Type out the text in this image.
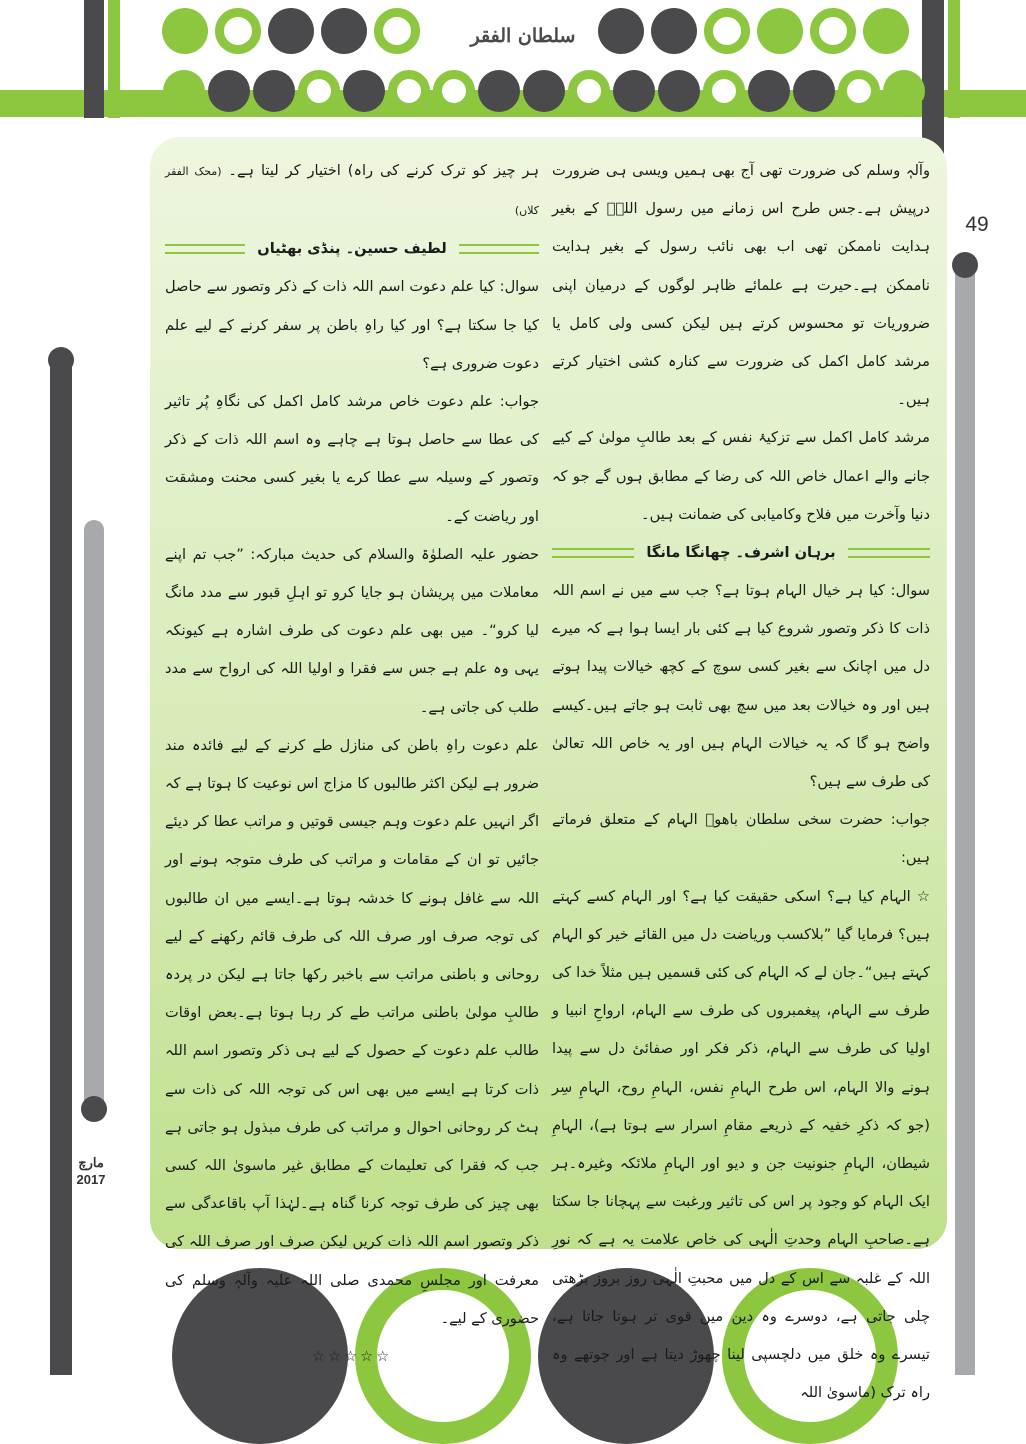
سلطان الفقر
49
مارچ
2017

وآلہٖ وسلم کی ضرورت تھی آج بھی ہمیں ویسی ہی ضرورت درپیش ہے۔جس طرح اس زمانے میں رسول اللہؐ کے بغیر ہدایت ناممکن تھی اب بھی نائب رسول کے بغیر ہدایت ناممکن ہے۔حیرت ہے علمائے ظاہر لوگوں کے درمیان اپنی ضروریات تو محسوس کرتے ہیں لیکن کسی ولی کامل یا مرشد کامل اکمل کی ضرورت سے کنارہ کشی اختیار کرتے ہیں۔

مرشد کامل اکمل سے تزکیۂ نفس کے بعد طالبِ مولیٰ کے کیے جانے والے اعمال خاص اللہ کی رضا کے مطابق ہوں گے جو کہ دنیا وآخرت میں فلاح وکامیابی کی ضمانت ہیں۔

برہان اشرف۔ چھانگا مانگا

سوال: کیا ہر خیال الہام ہوتا ہے؟ جب سے میں نے اسم اللہ ذات کا ذکر وتصور شروع کیا ہے کئی بار ایسا ہوا ہے کہ میرے دل میں اچانک سے بغیر کسی سوچ کے کچھ خیالات پیدا ہوتے ہیں اور وہ خیالات بعد میں سچ بھی ثابت ہو جاتے ہیں۔کیسے واضح ہو گا کہ یہ خیالات الہام ہیں اور یہ خاص اللہ تعالیٰ کی طرف سے ہیں؟

جواب: حضرت سخی سلطان باھوؒ الہام کے متعلق فرماتے ہیں:

☆ الہام کیا ہے؟ اسکی حقیقت کیا ہے؟ اور الہام کسے کہتے ہیں؟ فرمایا گیا ”بلاکسب وریاضت دل میں القائے خیر کو الہام کہتے ہیں“۔جان لے کہ الہام کی کئی قسمیں ہیں مثلاً خدا کی طرف سے الہام، پیغمبروں کی طرف سے الہام، ارواحِ انبیا و اولیا کی طرف سے الہام، ذکر فکر اور صفائیٔ دل سے پیدا ہونے والا الہام، اس طرح الہامِ نفس، الہامِ روح، الہامِ سِر (جو کہ ذکرِ خفیہ کے ذریعے مقامِ اسرار سے ہوتا ہے)، الہامِ شیطان، الہامِ جنونیت جن و دیو اور الہامِ ملائکہ وغیرہ۔ہر ایک الہام کو وجود پر اس کی تاثیر ورغبت سے پہچانا جا سکتا ہے۔صاحبِ الہام وحدتِ الٰہی کی خاص علامت یہ ہے کہ نورِ اللہ کے غلبہ سے اس کے دل میں محبتِ الٰہی روز بروز بڑھتی چلی جاتی ہے، دوسرے وہ دین میں قوی تر ہوتا جاتا ہے، تیسرے وہ خلق میں دلچسپی لینا چھوڑ دیتا ہے اور چوتھے وہ راہ ترک (ماسویٰ اللہ

ہر چیز کو ترک کرنے کی راہ) اختیار کر لیتا ہے۔ (محک الفقر کلاں)

لطیف حسین۔ پنڈی بھٹیاں

سوال: کیا علم دعوت اسم اللہ ذات کے ذکر وتصور سے حاصل کیا جا سکتا ہے؟ اور کیا راہِ باطن پر سفر کرنے کے لیے علم دعوت ضروری ہے؟

جواب: علم دعوت خاص مرشد کامل اکمل کی نگاہِ پُر تاثیر کی عطا سے حاصل ہوتا ہے چاہے وہ اسم اللہ ذات کے ذکر وتصور کے وسیلہ سے عطا کرے یا بغیر کسی محنت ومشقت اور ریاضت کے۔

حضور علیہ الصلوٰۃ والسلام کی حدیث مبارکہ: ”جب تم اپنے معاملات میں پریشان ہو جایا کرو تو اہلِ قبور سے مدد مانگ لیا کرو“۔ میں بھی علم دعوت کی طرف اشارہ ہے کیونکہ یہی وہ علم ہے جس سے فقرا و اولیا اللہ کی ارواح سے مدد طلب کی جاتی ہے۔

علم دعوت راہِ باطن کی منازل طے کرنے کے لیے فائدہ مند ضرور ہے لیکن اکثر طالبوں کا مزاج اس نوعیت کا ہوتا ہے کہ اگر انہیں علم دعوت وہم جیسی قوتیں و مراتب عطا کر دیئے جائیں تو ان کے مقامات و مراتب کی طرف متوجہ ہونے اور اللہ سے غافل ہونے کا خدشہ ہوتا ہے۔ایسے میں ان طالبوں کی توجہ صرف اور صرف اللہ کی طرف قائم رکھنے کے لیے روحانی و باطنی مراتب سے باخبر رکھا جاتا ہے لیکن در پردہ طالبِ مولیٰ باطنی مراتب طے کر رہا ہوتا ہے۔بعض اوقات طالب علم دعوت کے حصول کے لیے ہی ذکر وتصور اسم اللہ ذات کرتا ہے ایسے میں بھی اس کی توجہ اللہ کی ذات سے ہٹ کر روحانی احوال و مراتب کی طرف مبذول ہو جاتی ہے جب کہ فقرا کی تعلیمات کے مطابق غیر ماسویٰ اللہ کسی بھی چیز کی طرف توجہ کرنا گناہ ہے۔لہٰذا آپ باقاعدگی سے ذکر وتصور اسم اللہ ذات کریں لیکن صرف اور صرف اللہ کی معرفت اور مجلسِ محمدی صلی اللہ علیہ وآلہٖ وسلم کی حضوری کے لیے۔

☆☆☆☆☆
